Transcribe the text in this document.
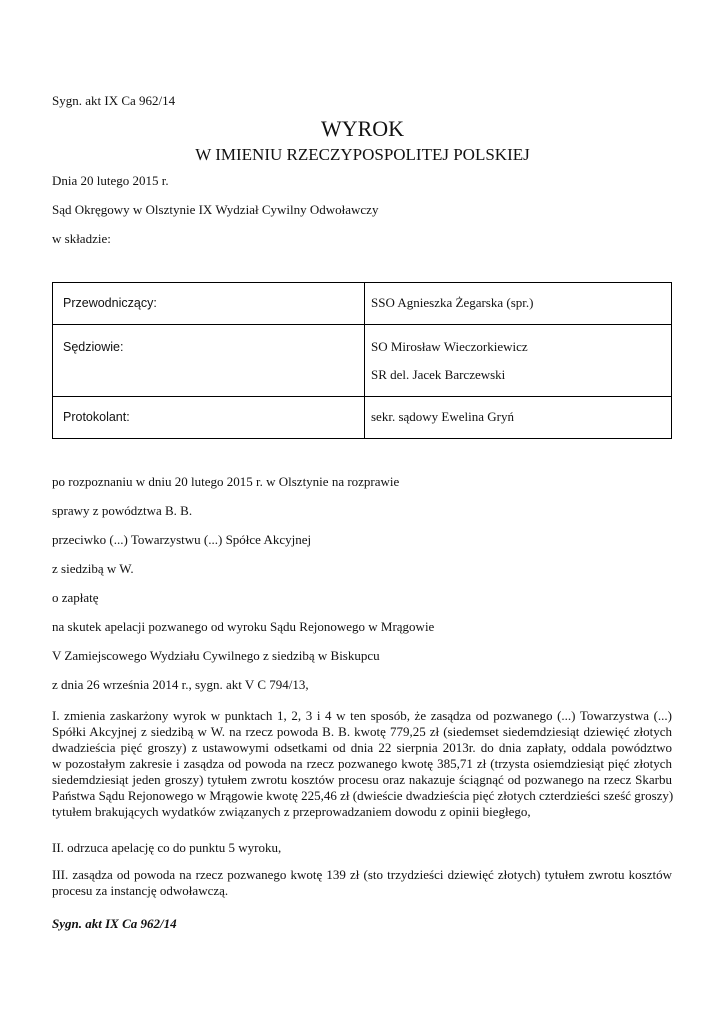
Sygn. akt IX Ca 962/14
WYROK
W IMIENIU RZECZYPOSPOLITEJ POLSKIEJ
Dnia 20 lutego 2015 r.
Sąd Okręgowy w Olsztynie IX Wydział Cywilny Odwoławczy
w składzie:
Przewodniczący:	SSO Agnieszka Żegarska (spr.)
Sędziowie:	SO Mirosław Wieczorkiewicz
SR del. Jacek Barczewski
Protokolant:	sekr. sądowy Ewelina Gryń
po rozpoznaniu w dniu 20 lutego 2015 r. w Olsztynie na rozprawie
sprawy z powództwa B. B.
przeciwko (...) Towarzystwu (...) Spółce Akcyjnej
z siedzibą w W.
o zapłatę
na skutek apelacji pozwanego od wyroku Sądu Rejonowego w Mrągowie
V Zamiejscowego Wydziału Cywilnego z siedzibą w Biskupcu
z dnia 26 września 2014 r., sygn. akt V C 794/13,
I. zmienia zaskarżony wyrok w punktach 1, 2, 3 i 4 w ten sposób, że zasądza od pozwanego (...) Towarzystwa (...)
Spółki Akcyjnej z siedzibą w W. na rzecz powoda B. B. kwotę 779,25 zł (siedemset siedemdziesiąt dziewięć złotych
dwadzieścia pięć groszy) z ustawowymi odsetkami od dnia 22 sierpnia 2013r. do dnia zapłaty, oddala powództwo
w pozostałym zakresie i zasądza od powoda na rzecz pozwanego kwotę 385,71 zł (trzysta osiemdziesiąt pięć złotych
siedemdziesiąt jeden groszy) tytułem zwrotu kosztów procesu oraz nakazuje ściągnąć od pozwanego na rzecz Skarbu
Państwa Sądu Rejonowego w Mrągowie kwotę 225,46 zł (dwieście dwadzieścia pięć złotych czterdzieści sześć groszy)
tytułem brakujących wydatków związanych z przeprowadzaniem dowodu z opinii biegłego,
II. odrzuca apelację co do punktu 5 wyroku,
III. zasądza od powoda na rzecz pozwanego kwotę 139 zł (sto trzydzieści dziewięć złotych) tytułem zwrotu kosztów
procesu za instancję odwoławczą.
Sygn. akt IX Ca 962/14
